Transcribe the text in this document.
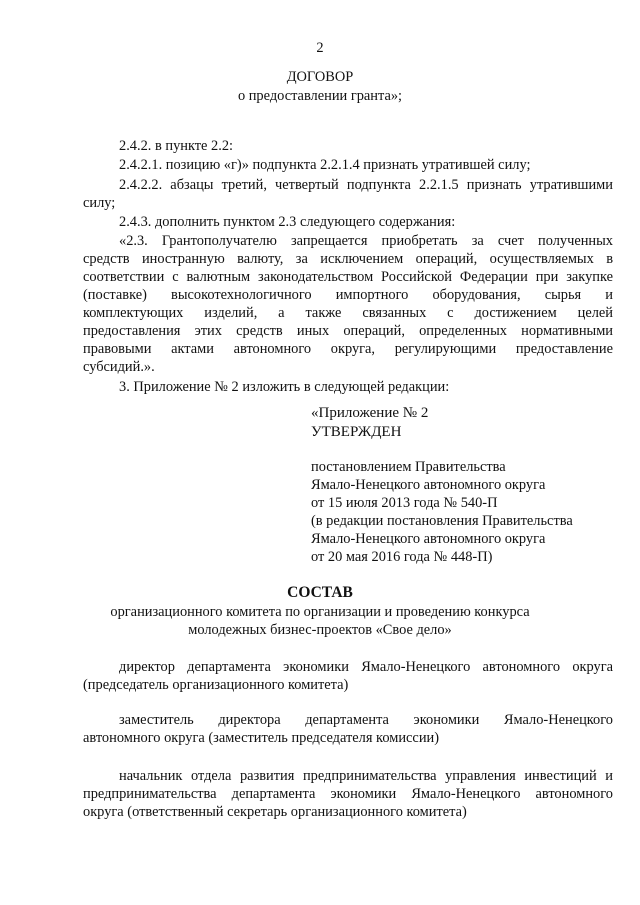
2
ДОГОВОР
о предоставлении гранта»;
2.4.2. в пункте 2.2:
2.4.2.1. позицию «г)» подпункта 2.2.1.4 признать утратившей силу;
2.4.2.2. абзацы третий, четвертый подпункта 2.2.1.5 признать утратившими
силу;
2.4.3. дополнить пунктом 2.3 следующего содержания:
«2.3. Грантополучателю запрещается приобретать за счет полученных
средств иностранную валюту, за исключением операций, осуществляемых в
соответствии с валютным законодательством Российской Федерации при закупке
(поставке) высокотехнологичного импортного оборудования, сырья и
комплектующих изделий, а также связанных с достижением целей
предоставления этих средств иных операций, определенных нормативными
правовыми актами автономного округа, регулирующими предоставление
субсидий.».
3. Приложение № 2 изложить в следующей редакции:
«Приложение № 2
УТВЕРЖДЕН
постановлением Правительства
Ямало-Ненецкого автономного округа
от 15 июля 2013 года № 540-П
(в редакции постановления Правительства
Ямало-Ненецкого автономного округа
от 20 мая 2016 года № 448-П)
СОСТАВ
организационного комитета по организации и проведению конкурса
молодежных бизнес-проектов «Свое дело»
директор департамента экономики Ямало-Ненецкого автономного округа
(председатель организационного комитета)
заместитель директора департамента экономики Ямало-Ненецкого
автономного округа (заместитель председателя комиссии)
начальник отдела развития предпринимательства управления инвестиций и
предпринимательства департамента экономики Ямало-Ненецкого автономного
округа (ответственный секретарь организационного комитета)
